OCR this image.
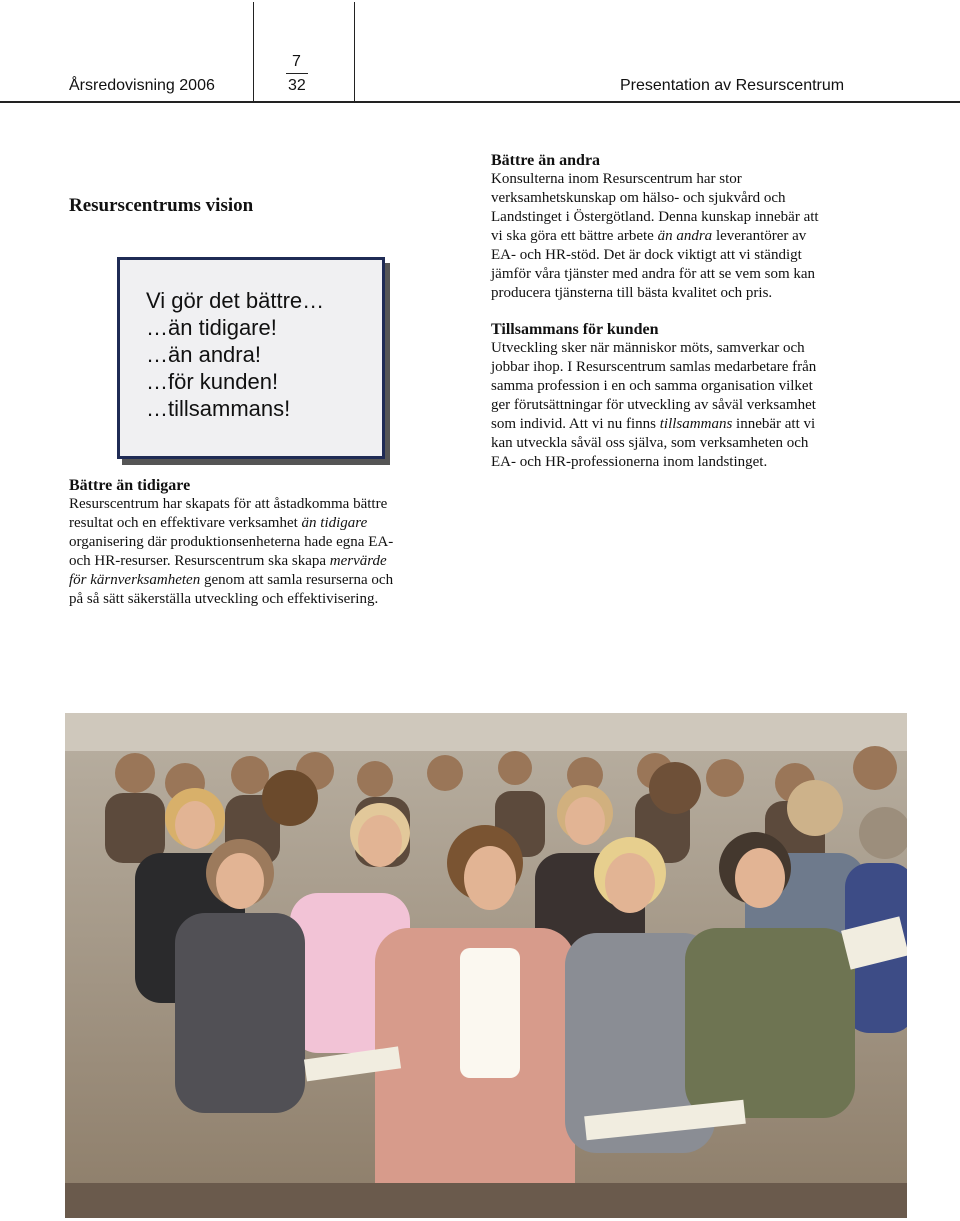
Årsredovisning 2006
7
32	Presentation av Resurscentrum
Resurscentrums vision
Vi gör det bättre…
…än tidigare!
…än andra!
…för kunden!
…tillsammans!
Bättre än tidigare
Resurscentrum har skapats för att åstadkomma bättre
resultat och en effektivare verksamhet än tidigare
organisering där produktionsenheterna hade egna EA-
och HR-resurser. Resurscentrum ska skapa mervärde
för kärnverksamheten genom att samla resurserna och
på så sätt säkerställa utveckling och effektivisering.
Bättre än andra
Konsulterna inom Resurscentrum har stor
verksamhetskunskap om hälso- och sjukvård och
Landstinget i Östergötland. Denna kunskap innebär att
vi ska göra ett bättre arbete än andra leverantörer av
EA- och HR-stöd. Det är dock viktigt att vi ständigt
jämför våra tjänster med andra för att se vem som kan
producera tjänsterna till bästa kvalitet och pris.
Tillsammans för kunden
Utveckling sker när människor möts, samverkar och
jobbar ihop. I Resurscentrum samlas medarbetare från
samma profession i en och samma organisation vilket
ger förutsättningar för utveckling av såväl verksamhet
som individ. Att vi nu finns tillsammans innebär att vi
kan utveckla såväl oss själva, som verksamheten och
EA- och HR-professionerna inom landstinget.
